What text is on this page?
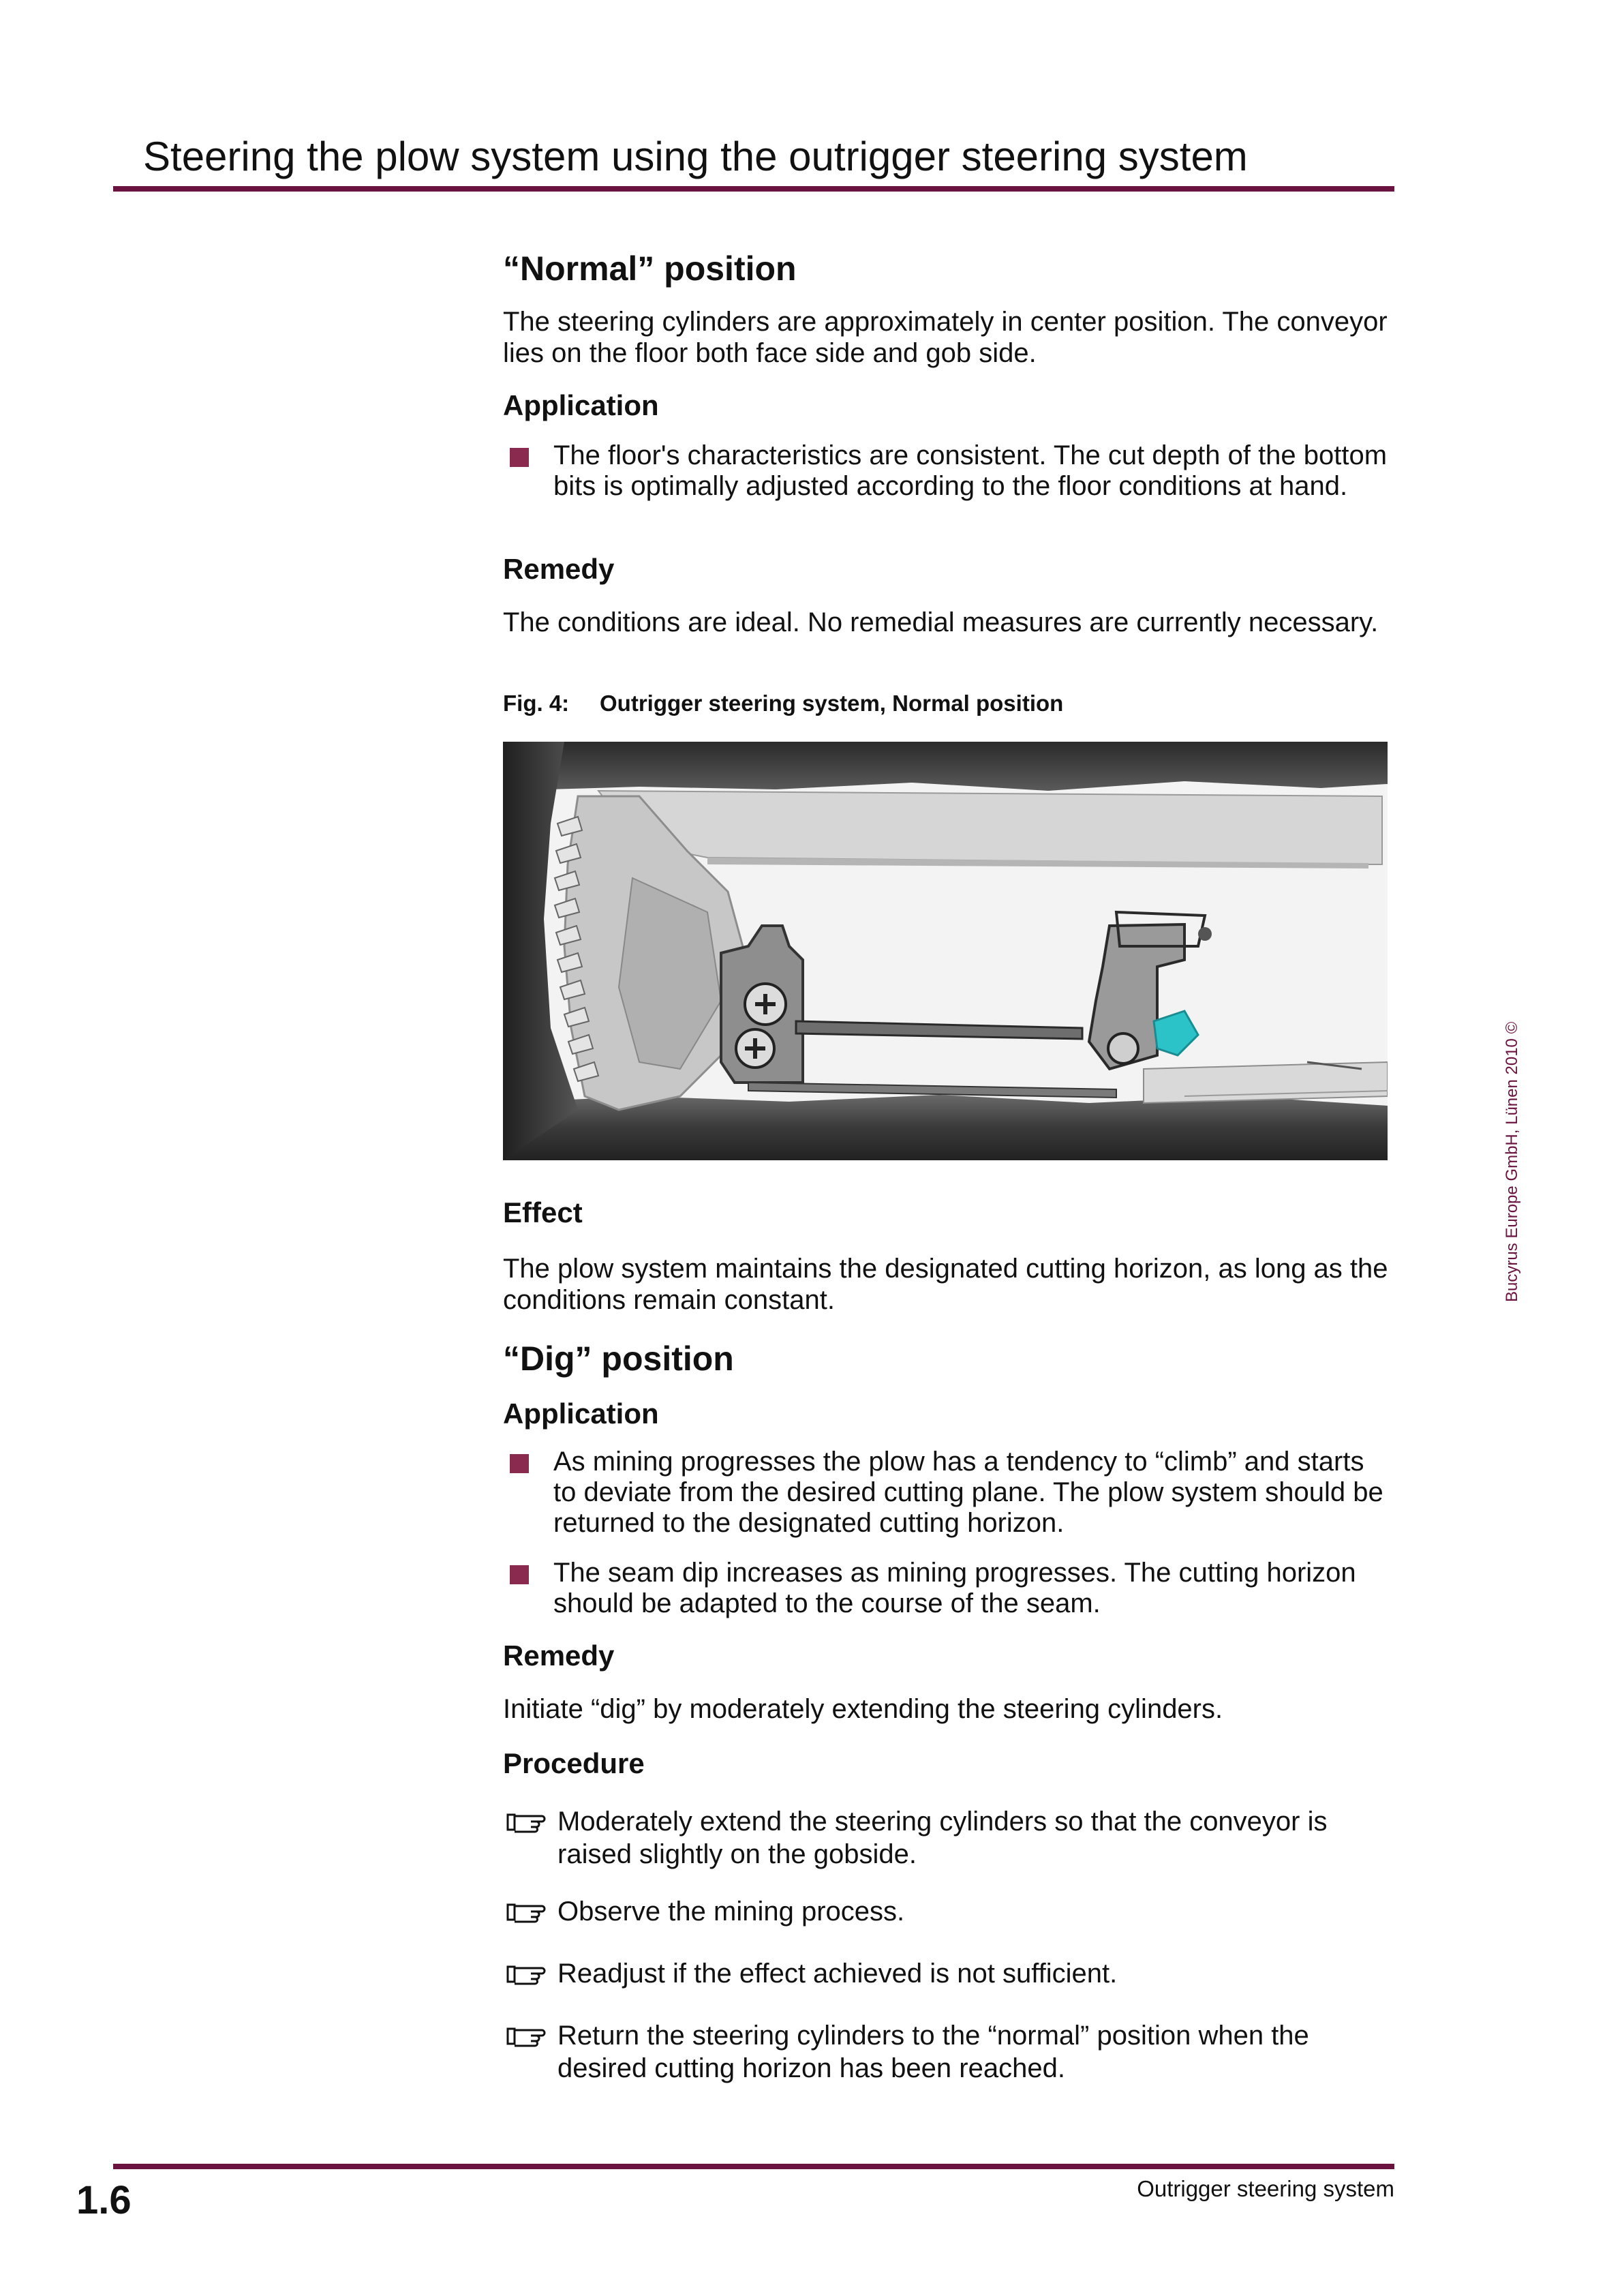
Steering the plow system using the outrigger steering system
“Normal” position

The steering cylinders are approximately in center position. The conveyor lies on the floor both face side and gob side.

Application
The floor's characteristics are consistent. The cut depth of the bottom bits is optimally adjusted according to the floor conditions at hand.
Remedy

The conditions are ideal. No remedial measures are currently necessary.

Fig. 4: Outrigger steering system, Normal position
Effect

The plow system maintains the designated cutting horizon, as long as the conditions remain constant.

“Dig” position
Application
As mining progresses the plow has a tendency to “climb” and starts to deviate from the desired cutting plane. The plow system should be returned to the designated cutting horizon.
The seam dip increases as mining progresses. The cutting horizon should be adapted to the course of the seam.
Remedy

Initiate “dig” by moderately extending the steering cylinders.

Procedure
Moderately extend the steering cylinders so that the conveyor is raised slightly on the gobside.
Observe the mining process.
Readjust if the effect achieved is not sufficient.
Return the steering cylinders to the “normal” position when the desired cutting horizon has been reached.
Bucyrus Europe GmbH, Lünen 2010 ©
1.6	Outrigger steering system
